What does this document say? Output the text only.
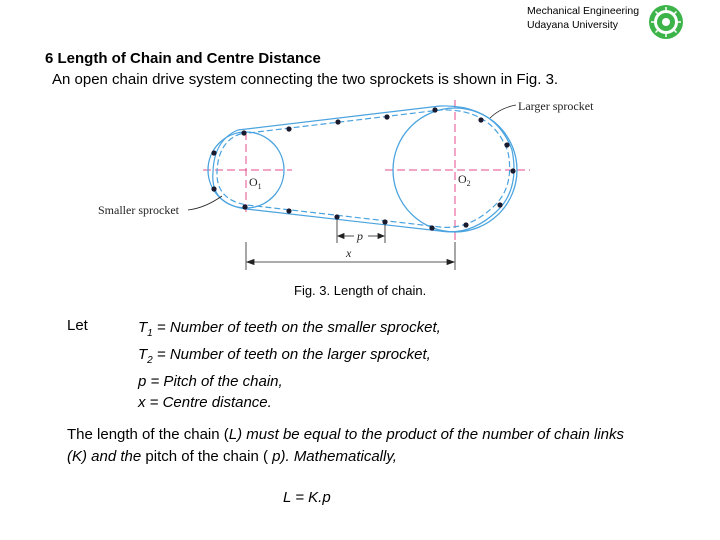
Mechanical Engineering
Udayana University
6 Length of Chain and Centre Distance
An open chain drive system connecting the two sprockets is shown in Fig. 3.
$O_1$
$O_2$
Larger sprocket
Smaller sprocket
p
x
Fig. 3. Length of chain.
Let	$T_1$ = Number of teeth on the smaller sprocket,
$T_2$ = Number of teeth on the larger sprocket,
p = Pitch of the chain,
x = Centre distance.
The length of the chain (L) must be equal to the product of the number of chain links
(K) and the pitch of the chain ( p). Mathematically,
L = K.p
